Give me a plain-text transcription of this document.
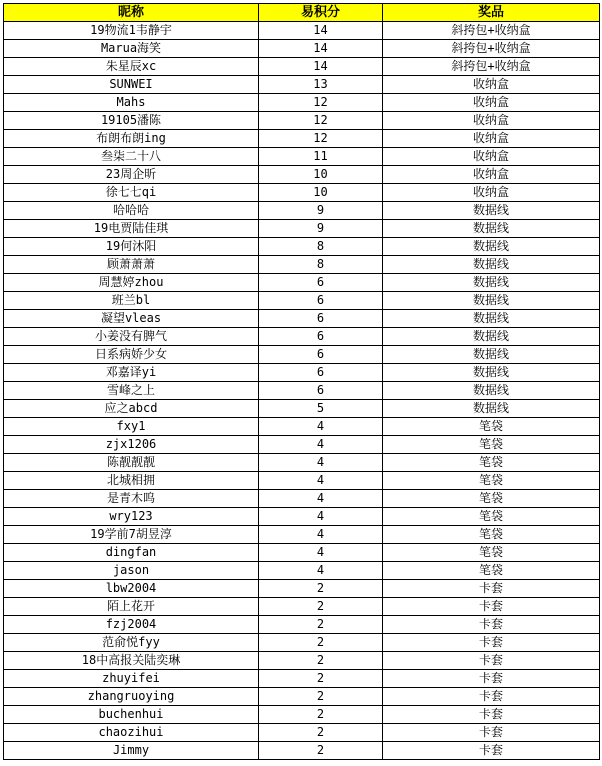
昵称	易积分	奖品
19物流1韦静宇	14	斜挎包+收纳盒
Marua海笑	14	斜挎包+收纳盒
朱星辰xc	14	斜挎包+收纳盒
SUNWEI	13	收纳盒
Mahs	12	收纳盒
19105潘陈	12	收纳盒
布朗布朗ing	12	收纳盒
叁柒二十八	11	收纳盒
23周企昕	10	收纳盒
徐七七qi	10	收纳盒
哈哈哈	9	数据线
19电贾陆佳琪	9	数据线
19何沐阳	8	数据线
顾萧萧萧	8	数据线
周慧婷zhou	6	数据线
班兰bl	6	数据线
凝望vleas	6	数据线
小姜没有脾气	6	数据线
日系病娇少女	6	数据线
邓嘉译yi	6	数据线
雪峰之上	6	数据线
应之abcd	5	数据线
fxy1	4	笔袋
zjx1206	4	笔袋
陈靓靓靓	4	笔袋
北城相拥	4	笔袋
是青木呜	4	笔袋
wry123	4	笔袋
19学前7胡昱淳	4	笔袋
dingfan	4	笔袋
jason	4	笔袋
lbw2004	2	卡套
陌上花开	2	卡套
fzj2004	2	卡套
范俞悦fyy	2	卡套
18中高报关陆奕琳	2	卡套
zhuyifei	2	卡套
zhangruoying	2	卡套
buchenhui	2	卡套
chaozihui	2	卡套
Jimmy	2	卡套
